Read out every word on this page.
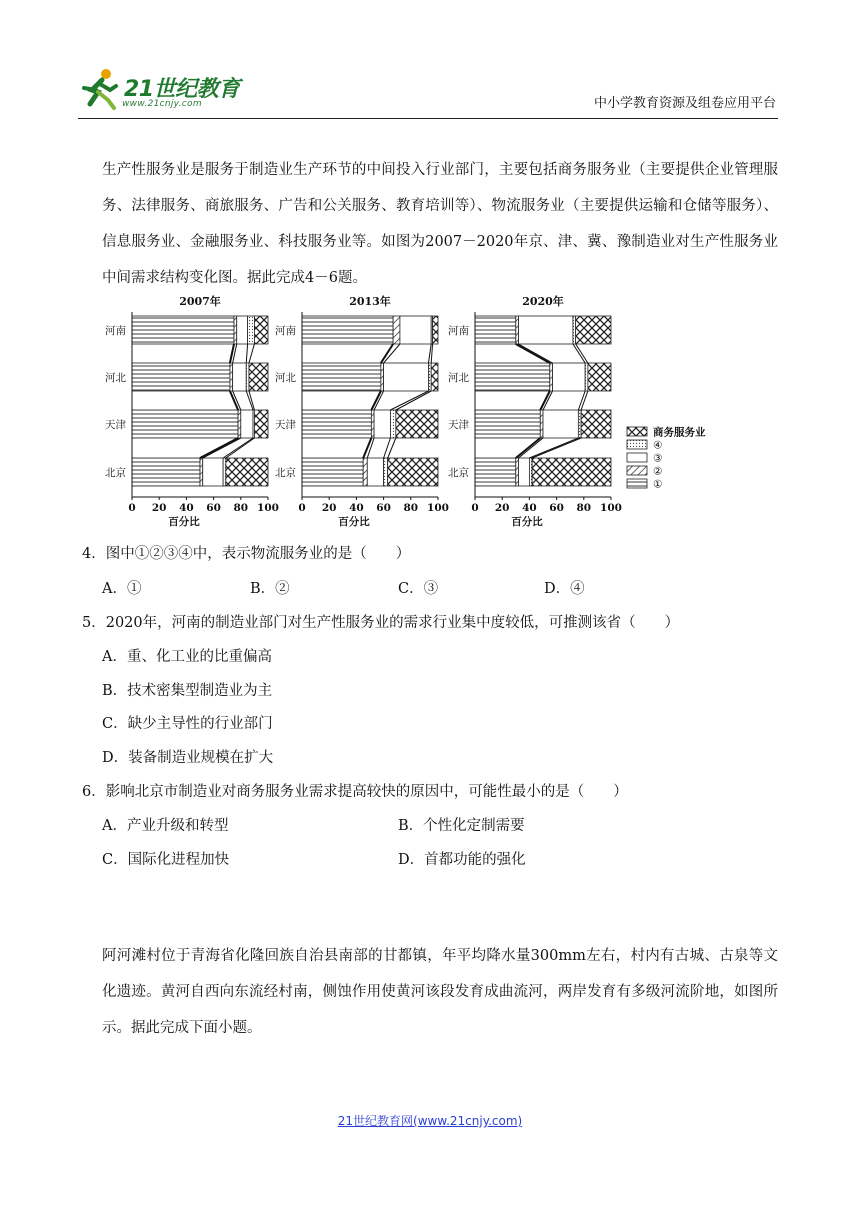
21世纪教育
www.21cnjy.com	中小学教育资源及组卷应用平台
生产性服务业是服务于制造业生产环节的中间投入行业部门，主要包括商务服务业（主要提供企业管理服务、法律服务、商旅服务、广告和公关服务、教育培训等）、物流服务业（主要提供运输和仓储等服务）、信息服务业、金融服务业、科技服务业等。如图为2007－2020年京、津、冀、豫制造业对生产性服务业中间需求结构变化图。据此完成4－6题。
2007年
河南
河北
天津
北京
0 20 40 60 80 100
百分比
2013年
河南
河北
天津
北京
0 20 40 60 80 100
百分比
2020年
河南
河北
天津
北京
0 20 40 60 80 100
百分比
商务服务业
④
③
②
①
4．图中①②③④中，表示物流服务业的是（　　）
A．①	B．②	C．③	D．④
5．2020年，河南的制造业部门对生产性服务业的需求行业集中度较低，可推测该省（　　）
A．重、化工业的比重偏高
B．技术密集型制造业为主
C．缺少主导性的行业部门
D．装备制造业规模在扩大
6．影响北京市制造业对商务服务业需求提高较快的原因中，可能性最小的是（　　）
A．产业升级和转型	B．个性化定制需要
C．国际化进程加快	D．首都功能的强化
阿河滩村位于青海省化隆回族自治县南部的甘都镇，年平均降水量300mm左右，村内有古城、古泉等文化遗迹。黄河自西向东流经村南，侧蚀作用使黄河该段发育成曲流河，两岸发育有多级河流阶地，如图所示。据此完成下面小题。
21世纪教育网(www.21cnjy.com)
